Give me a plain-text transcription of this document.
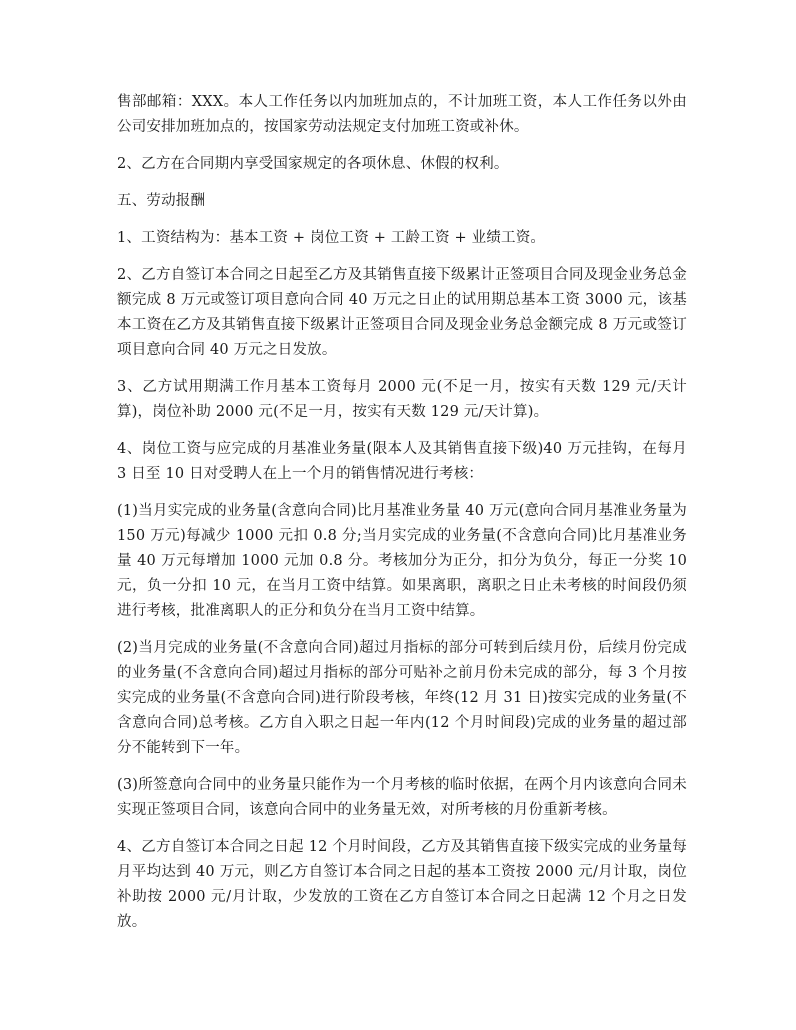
售部邮箱：XXX。本人工作任务以内加班加点的，不计加班工资，本人工作任务以外由公司安排加班加点的，按国家劳动法规定支付加班工资或补休。

2、乙方在合同期内享受国家规定的各项休息、休假的权利。

五、劳动报酬

1、工资结构为：基本工资 + 岗位工资 + 工龄工资 + 业绩工资。

2、乙方自签订本合同之日起至乙方及其销售直接下级累计正签项目合同及现金业务总金额完成 8 万元或签订项目意向合同 40 万元之日止的试用期总基本工资 3000 元，该基本工资在乙方及其销售直接下级累计正签项目合同及现金业务总金额完成 8 万元或签订项目意向合同 40 万元之日发放。

3、乙方试用期满工作月基本工资每月 2000 元(不足一月，按实有天数 129 元/天计算)，岗位补助 2000 元(不足一月，按实有天数 129 元/天计算)。

4、岗位工资与应完成的月基准业务量(限本人及其销售直接下级)40 万元挂钩，在每月 3 日至 10 日对受聘人在上一个月的销售情况进行考核：

(1)当月实完成的业务量(含意向合同)比月基准业务量 40 万元(意向合同月基准业务量为 150 万元)每减少 1000 元扣 0.8 分;当月实完成的业务量(不含意向合同)比月基准业务量 40 万元每增加 1000 元加 0.8 分。考核加分为正分，扣分为负分，每正一分奖 10 元，负一分扣 10 元，在当月工资中结算。如果离职，离职之日止未考核的时间段仍须进行考核，批准离职人的正分和负分在当月工资中结算。

(2)当月完成的业务量(不含意向合同)超过月指标的部分可转到后续月份，后续月份完成的业务量(不含意向合同)超过月指标的部分可贴补之前月份未完成的部分，每 3 个月按实完成的业务量(不含意向合同)进行阶段考核，年终(12 月 31 日)按实完成的业务量(不含意向合同)总考核。乙方自入职之日起一年内(12 个月时间段)完成的业务量的超过部分不能转到下一年。

(3)所签意向合同中的业务量只能作为一个月考核的临时依据，在两个月内该意向合同未实现正签项目合同，该意向合同中的业务量无效，对所考核的月份重新考核。

4、乙方自签订本合同之日起 12 个月时间段，乙方及其销售直接下级实完成的业务量每月平均达到 40 万元，则乙方自签订本合同之日起的基本工资按 2000 元/月计取，岗位补助按 2000 元/月计取，少发放的工资在乙方自签订本合同之日起满 12 个月之日发放。
